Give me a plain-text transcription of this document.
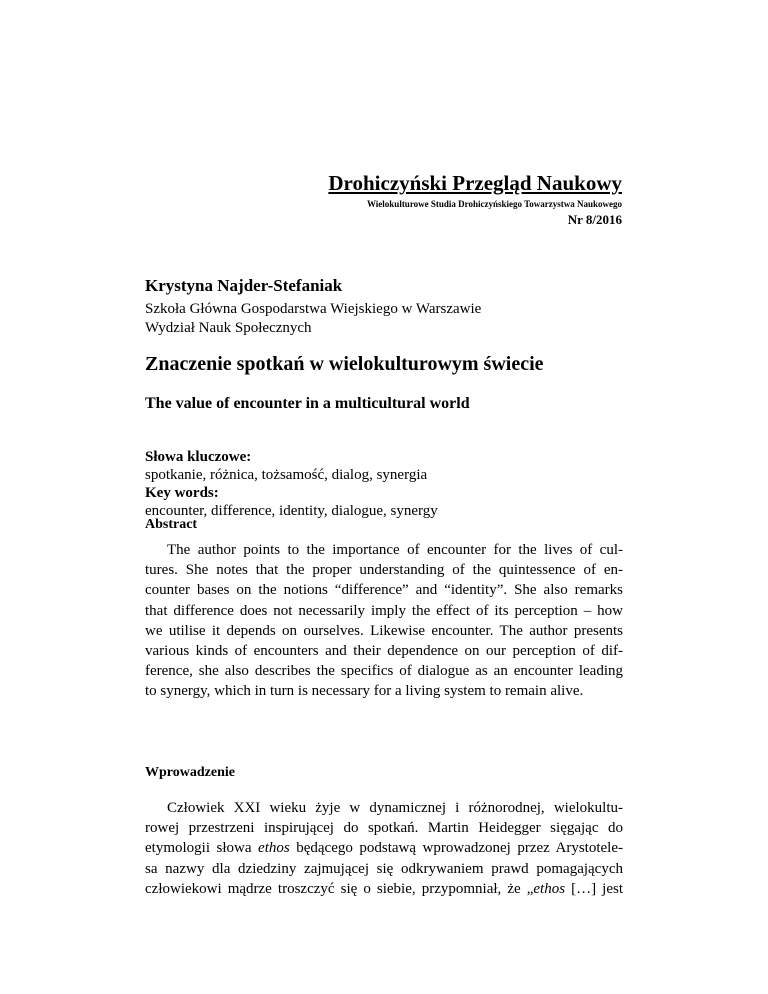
Drohiczyński Przegląd Naukowy
Wielokulturowe Studia Drohiczyńskiego Towarzystwa Naukowego
Nr 8/2016
Krystyna Najder-Stefaniak
Szkoła Główna Gospodarstwa Wiejskiego w Warszawie
Wydział Nauk Społecznych
Znaczenie spotkań w wielokulturowym świecie
The value of encounter in a multicultural world
Słowa kluczowe:
spotkanie, różnica, tożsamość, dialog, synergia
Key words:
encounter, difference, identity, dialogue, synergy
Abstract
The author points to the importance of encounter for the lives of cul-
tures. She notes that the proper understanding of the quintessence of en-
counter bases on the notions “difference” and “identity”. She also remarks
that difference does not necessarily imply the effect of its perception – how
we utilise it depends on ourselves. Likewise encounter. The author presents
various kinds of encounters and their dependence on our perception of dif-
ference, she also describes the specifics of dialogue as an encounter leading
to synergy, which in turn is necessary for a living system to remain alive.
Wprowadzenie
Człowiek XXI wieku żyje w dynamicznej i różnorodnej, wielokultu-
rowej przestrzeni inspirującej do spotkań. Martin Heidegger sięgając do
etymologii słowa ethos będącego podstawą wprowadzonej przez Arystotele-
sa nazwy dla dziedziny zajmującej się odkrywaniem prawd pomagających
człowiekowi mądrze troszczyć się o siebie, przypomniał, że „ethos […] jest
